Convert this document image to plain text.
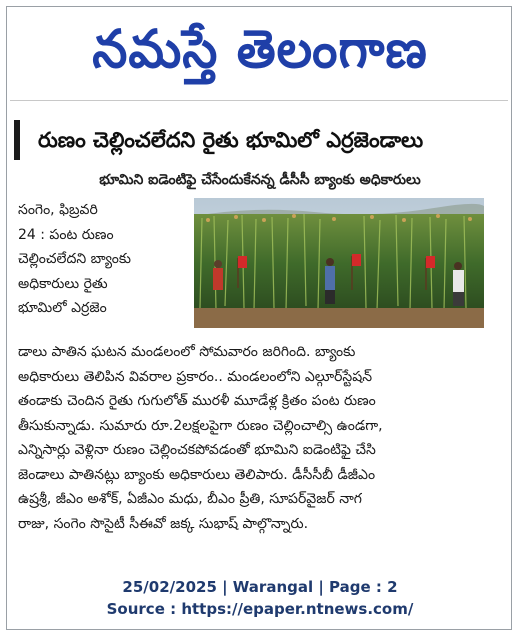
నమస్తే తెలంగాణ
రుణం చెల్లించలేదని రైతు భూమిలో ఎర్రజెండాలు
భూమిని ఐడెంటిఫై చేసేందుకేనన్న డీసీసీ బ్యాంకు అధికారులు
సంగెం, ఫిబ్రవరి
24 : పంట రుణం
చెల్లించలేదని బ్యాంకు
అధికారులు రైతు
భూమిలో ఎర్రజెం
డాలు పాతిన ఘటన మండలంలో సోమవారం జరిగింది. బ్యాంకు
అధికారులు తెలిపిన వివరాల ప్రకారం.. మండలంలోని ఎల్గూర్‌స్టేషన్
తండాకు చెందిన రైతు గుగులోత్ మురళీ మూడేళ్ల క్రితం పంట రుణం
తీసుకున్నాడు. సుమారు రూ.2లక్షలపైగా రుణం చెల్లించాల్సి ఉండగా,
ఎన్నిసార్లు వెళ్లినా రుణం చెల్లించకపోవడంతో భూమిని ఐడెంటిఫై చేసి
జెండాలు పాతినట్లు బ్యాంకు అధికారులు తెలిపారు. డీసీసీబీ డీజీఎం
ఉష్రశ్రీ, జీఎం అశోక్, ఏజీఎం మధు, బీఎం ప్రీతి, సూపర్‌వైజర్ నాగ
రాజు, సంగెం సొసైటీ సీఈవో జక్క సుభాష్ పాల్గొన్నారు.
25/02/2025 | Warangal | Page : 2
Source : https://epaper.ntnews.com/
